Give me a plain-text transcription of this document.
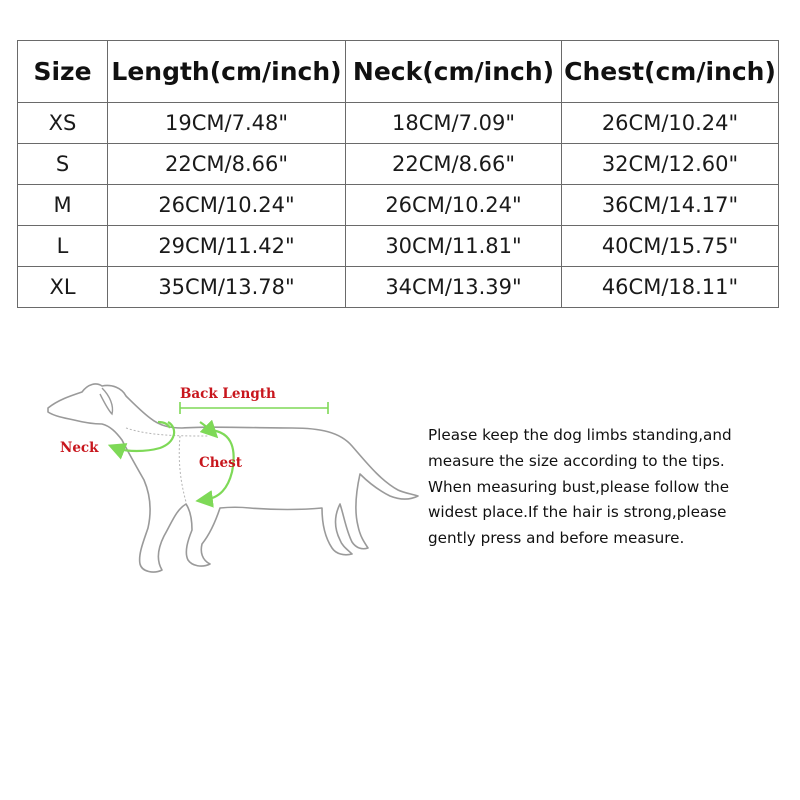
Size	Length(cm/inch)	Neck(cm/inch)	Chest(cm/inch)
XS	19CM/7.48"	18CM/7.09"	26CM/10.24"
S	22CM/8.66"	22CM/8.66"	32CM/12.60"
M	26CM/10.24"	26CM/10.24"	36CM/14.17"
L	29CM/11.42"	30CM/11.81"	40CM/15.75"
XL	35CM/13.78"	34CM/13.39"	46CM/18.11"
Back Length
Neck
Chest
Please keep the dog limbs standing,and
measure the size according to the tips.
When measuring bust,please follow the
widest place.If the hair is strong,please
gently press and before measure.
